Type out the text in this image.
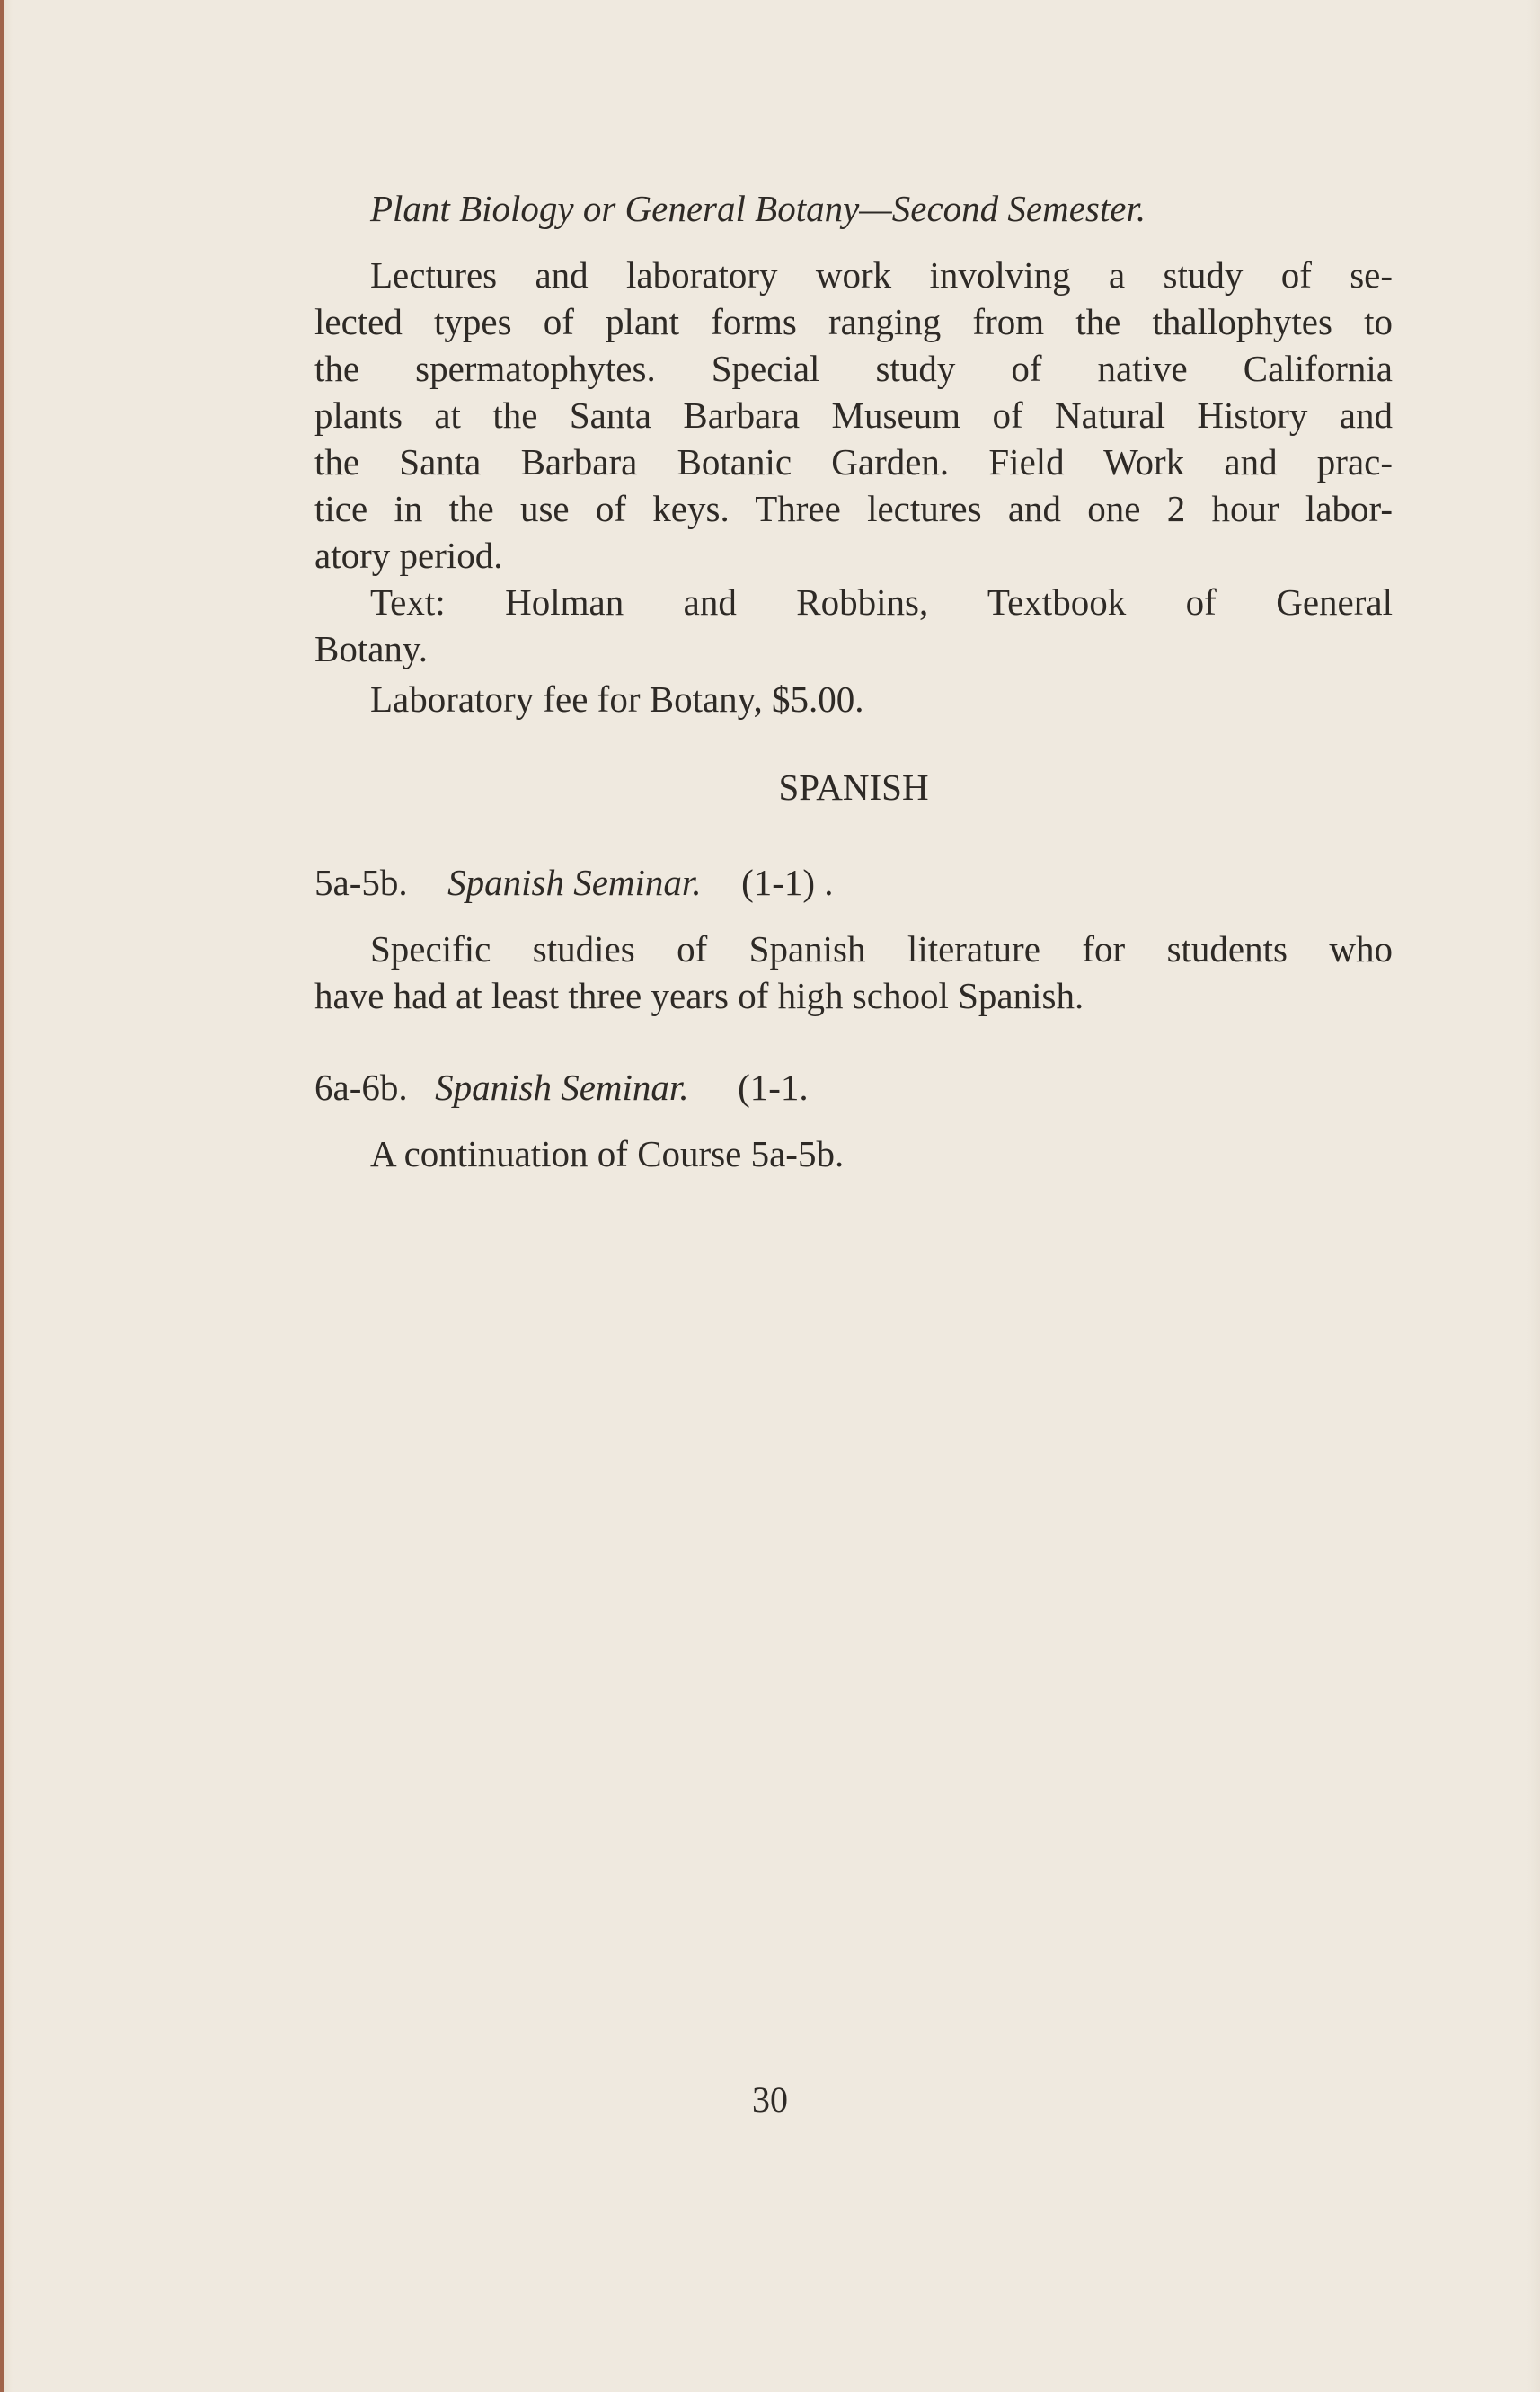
Plant Biology or General Botany—Second Semester.
Lectures and laboratory work involving a study of se-
lected types of plant forms ranging from the thallophytes to
the spermatophytes. Special study of native California
plants at the Santa Barbara Museum of Natural History and
the Santa Barbara Botanic Garden. Field Work and prac-
tice in the use of keys. Three lectures and one 2 hour labor-
atory period.
Text: Holman and Robbins, Textbook of General
Botany.
Laboratory fee for Botany, $5.00.
SPANISH
5a-5b. Spanish Seminar. (1-1) .
Specific studies of Spanish literature for students who
have had at least three years of high school Spanish.
6a-6b. Spanish Seminar. (1-1.
A continuation of Course 5a-5b.
30
